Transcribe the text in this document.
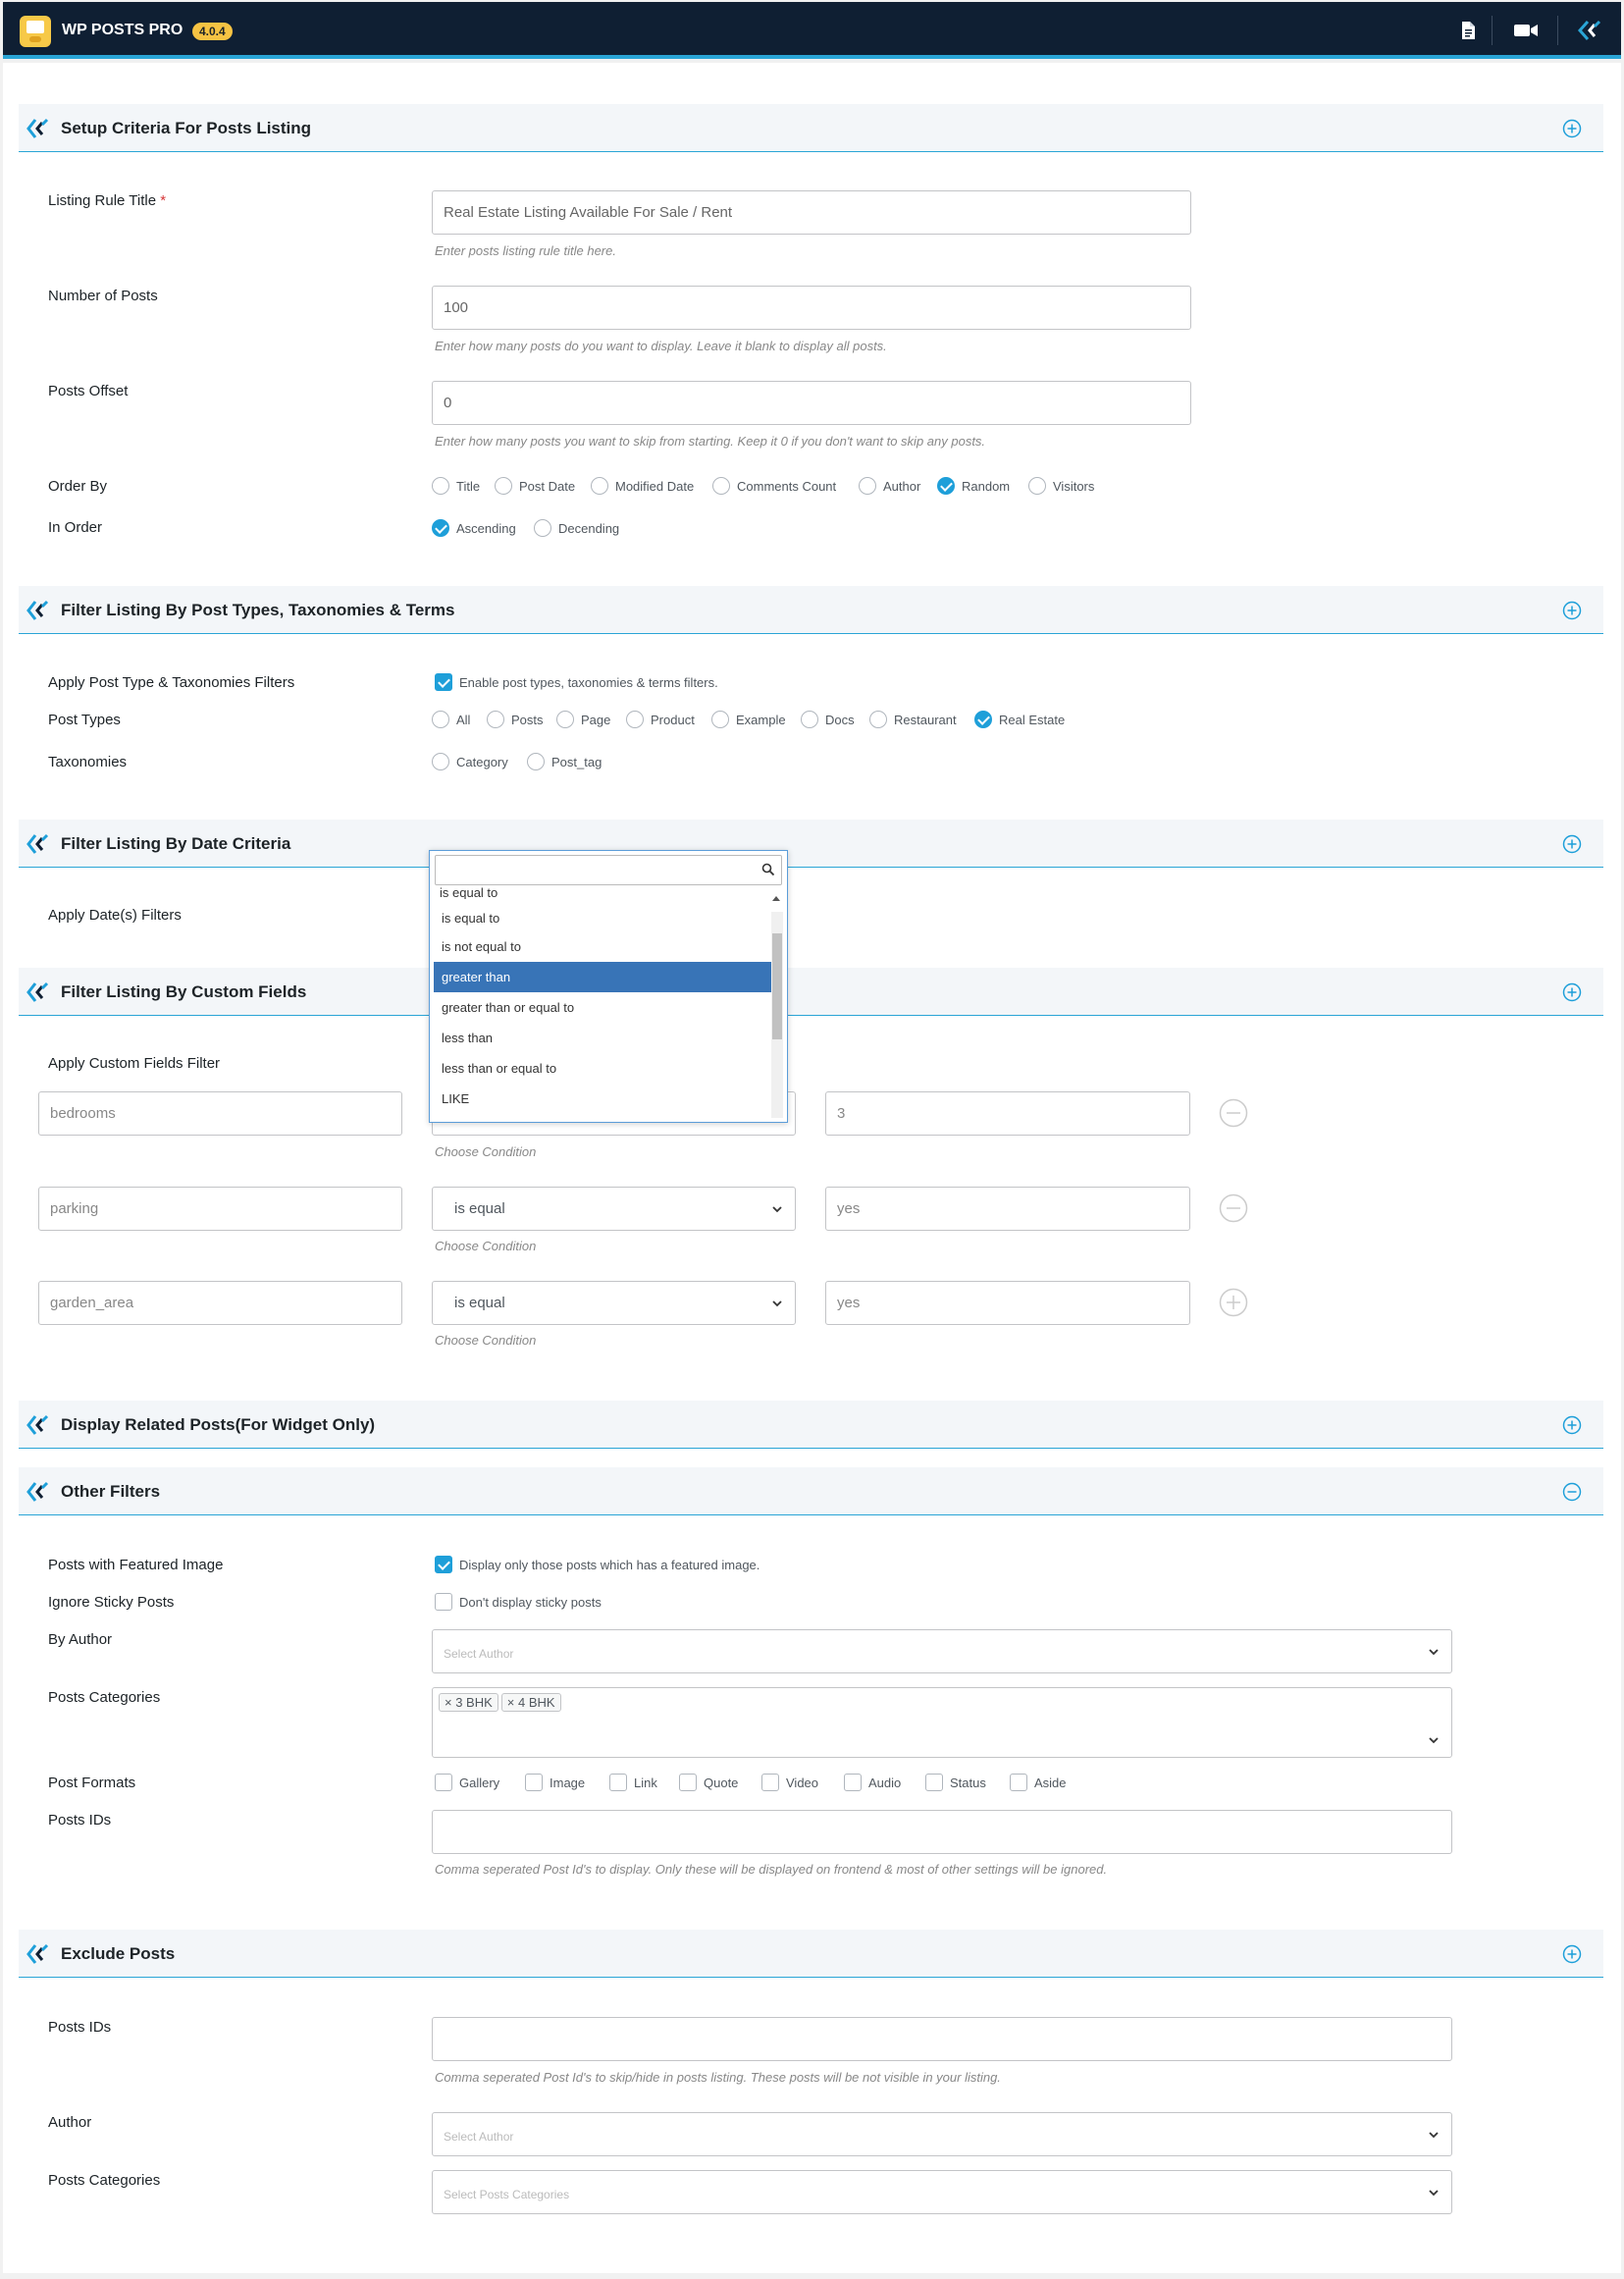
WP POSTS PRO	4.0.4
Setup Criteria For Posts Listing
Listing Rule Title *
Real Estate Listing Available For Sale / Rent
Enter posts listing rule title here.
Number of Posts
100
Enter how many posts do you want to display. Leave it blank to display all posts.
Posts Offset
0
Enter how many posts you want to skip from starting. Keep it 0 if you don't want to skip any posts.
Order By	Title	Post Date	Modified Date	Comments Count	Author	Random	Visitors
In Order	Ascending	Decending
Filter Listing By Post Types, Taxonomies & Terms
Apply Post Type & Taxonomies Filters	Enable post types, taxonomies & terms filters.
Post Types	All	Posts	Page	Product	Example	Docs	Restaurant	Real Estate
Taxonomies	Category	Post_tag
Filter Listing By Date Criteria
Apply Date(s) Filters
Filter Listing By Custom Fields
Apply Custom Fields Filter
bedrooms	3
Choose Condition
parking	is equal	yes
Choose Condition
garden_area	is equal	yes
Choose Condition
Display Related Posts(For Widget Only)
Other Filters
Posts with Featured Image	Display only those posts which has a featured image.
Ignore Sticky Posts	Don't display sticky posts
By Author
Select Author
Posts Categories	× 3 BHK × 4 BHK
Post Formats	Gallery	Image	Link	Quote	Video	Audio	Status	Aside
Posts IDs
Comma seperated Post Id's to display. Only these will be displayed on frontend & most of other settings will be ignored.
Exclude Posts
Posts IDs
Comma seperated Post Id's to skip/hide in posts listing. These posts will be not visible in your listing.
Author
Select Author
Posts Categories
Select Posts Categories
is equal to
is equal to
is not equal to
greater than
greater than or equal to
less than
less than or equal to
LIKE
